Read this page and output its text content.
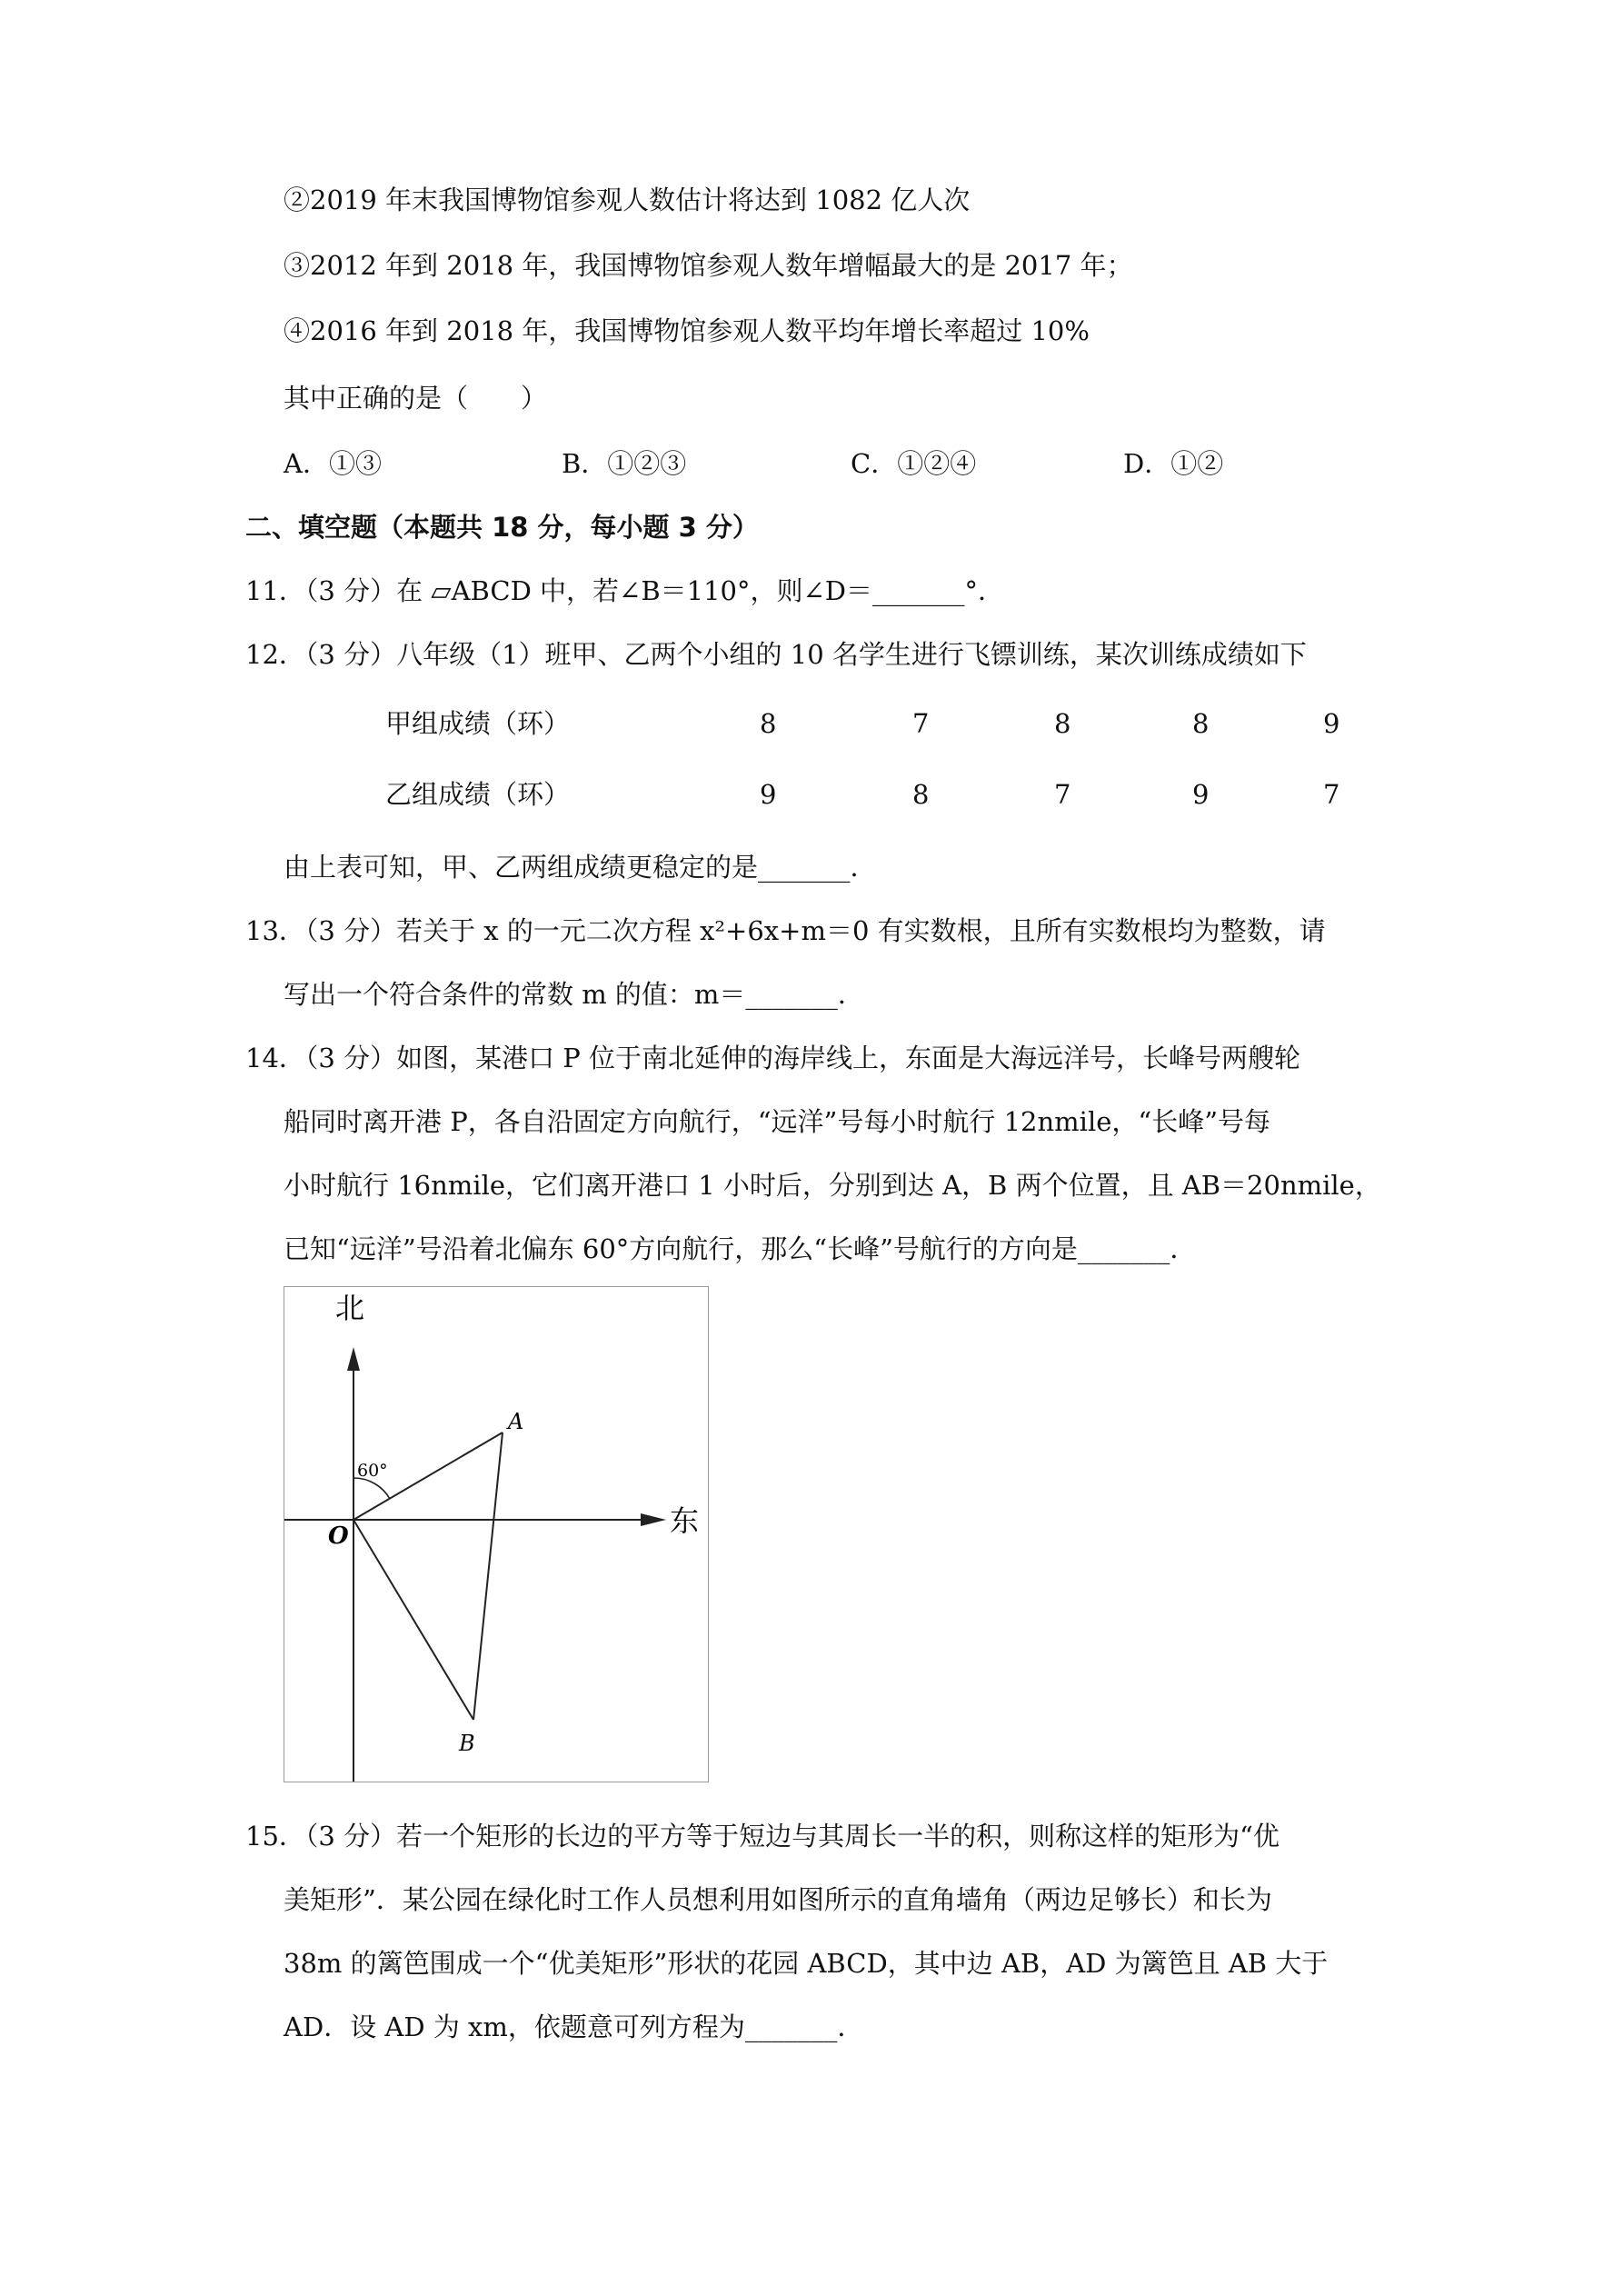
②2019 年末我国博物馆参观人数估计将达到 1082 亿人次
③2012 年到 2018 年，我国博物馆参观人数年增幅最大的是 2017 年；
④2016 年到 2018 年，我国博物馆参观人数平均年增长率超过 10%
其中正确的是（　　）
A．①③	B．①②③	C．①②④	D．①②
二、填空题（本题共 18 分，每小题 3 分）
11．（3 分）在 ▱ABCD 中，若∠B＝110°，则∠D＝_______°．
12．（3 分）八年级（1）班甲、乙两个小组的 10 名学生进行飞镖训练，某次训练成绩如下
甲组成绩（环）	8	7	8	8	9
乙组成绩（环）	9	8	7	9	7
由上表可知，甲、乙两组成绩更稳定的是_______．
13．（3 分）若关于 x 的一元二次方程 x²+6x+m＝0 有实数根，且所有实数根均为整数，请
写出一个符合条件的常数 m 的值：m＝_______．
14．（3 分）如图，某港口 P 位于南北延伸的海岸线上，东面是大海远洋号，长峰号两艘轮
船同时离开港 P，各自沿固定方向航行，“远洋”号每小时航行 12nmile，“长峰”号每
小时航行 16nmile，它们离开港口 1 小时后，分别到达 A，B 两个位置，且 AB＝20nmile，
已知“远洋”号沿着北偏东 60°方向航行，那么“长峰”号航行的方向是_______．
北
东
O
A
B
60°
15．（3 分）若一个矩形的长边的平方等于短边与其周长一半的积，则称这样的矩形为“优
美矩形”．某公园在绿化时工作人员想利用如图所示的直角墙角（两边足够长）和长为
38m 的篱笆围成一个“优美矩形”形状的花园 ABCD，其中边 AB，AD 为篱笆且 AB 大于
AD．设 AD 为 xm，依题意可列方程为_______．
